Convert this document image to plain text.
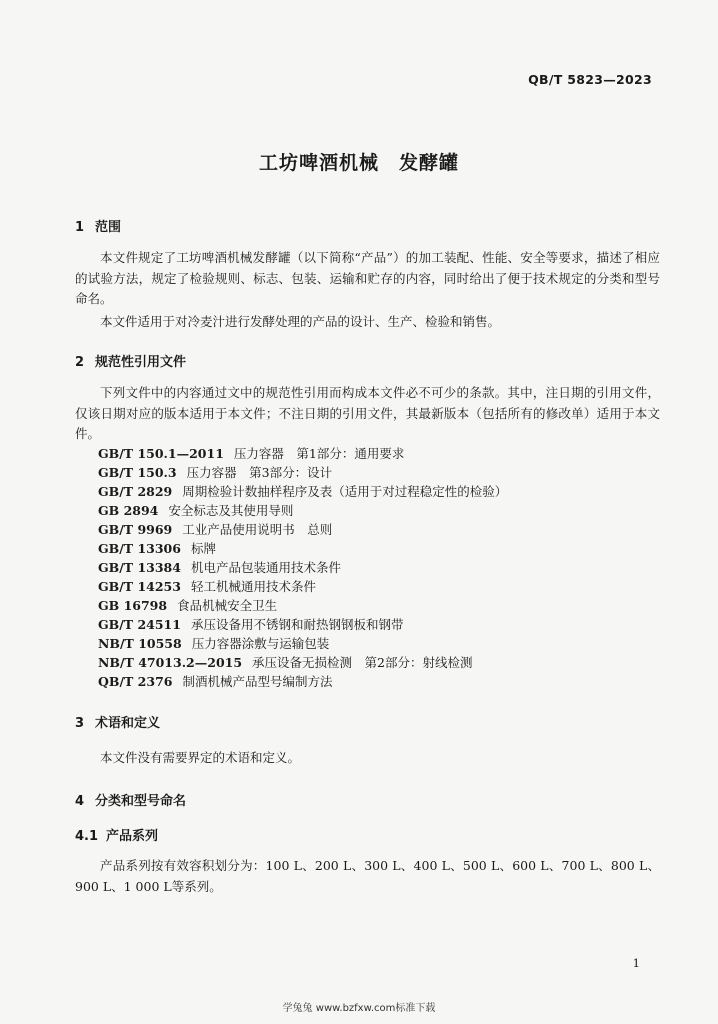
QB/T 5823—2023
工坊啤酒机械　发酵罐
1 范围

本文件规定了工坊啤酒机械发酵罐（以下简称“产品”）的加工装配、性能、安全等要求，描述了相应的试验方法，规定了检验规则、标志、包装、运输和贮存的内容，同时给出了便于技术规定的分类和型号命名。

本文件适用于对冷麦汁进行发酵处理的产品的设计、生产、检验和销售。

2 规范性引用文件

下列文件中的内容通过文中的规范性引用而构成本文件必不可少的条款。其中，注日期的引用文件，仅该日期对应的版本适用于本文件；不注日期的引用文件，其最新版本（包括所有的修改单）适用于本文件。

GB/T 150.1—2011 压力容器　第1部分：通用要求
GB/T 150.3 压力容器　第3部分：设计
GB/T 2829 周期检验计数抽样程序及表（适用于对过程稳定性的检验）
GB 2894 安全标志及其使用导则
GB/T 9969 工业产品使用说明书　总则
GB/T 13306 标牌
GB/T 13384 机电产品包装通用技术条件
GB/T 14253 轻工机械通用技术条件
GB 16798 食品机械安全卫生
GB/T 24511 承压设备用不锈钢和耐热钢钢板和钢带
NB/T 10558 压力容器涂敷与运输包装
NB/T 47013.2—2015 承压设备无损检测　第2部分：射线检测
QB/T 2376 制酒机械产品型号编制方法
3 术语和定义

本文件没有需要界定的术语和定义。

4 分类和型号命名
4.1 产品系列

产品系列按有效容积划分为：100 L、200 L、300 L、400 L、500 L、600 L、700 L、800 L、900 L、1 000 L等系列。

1
学兔兔 www.bzfxw.com标准下载
